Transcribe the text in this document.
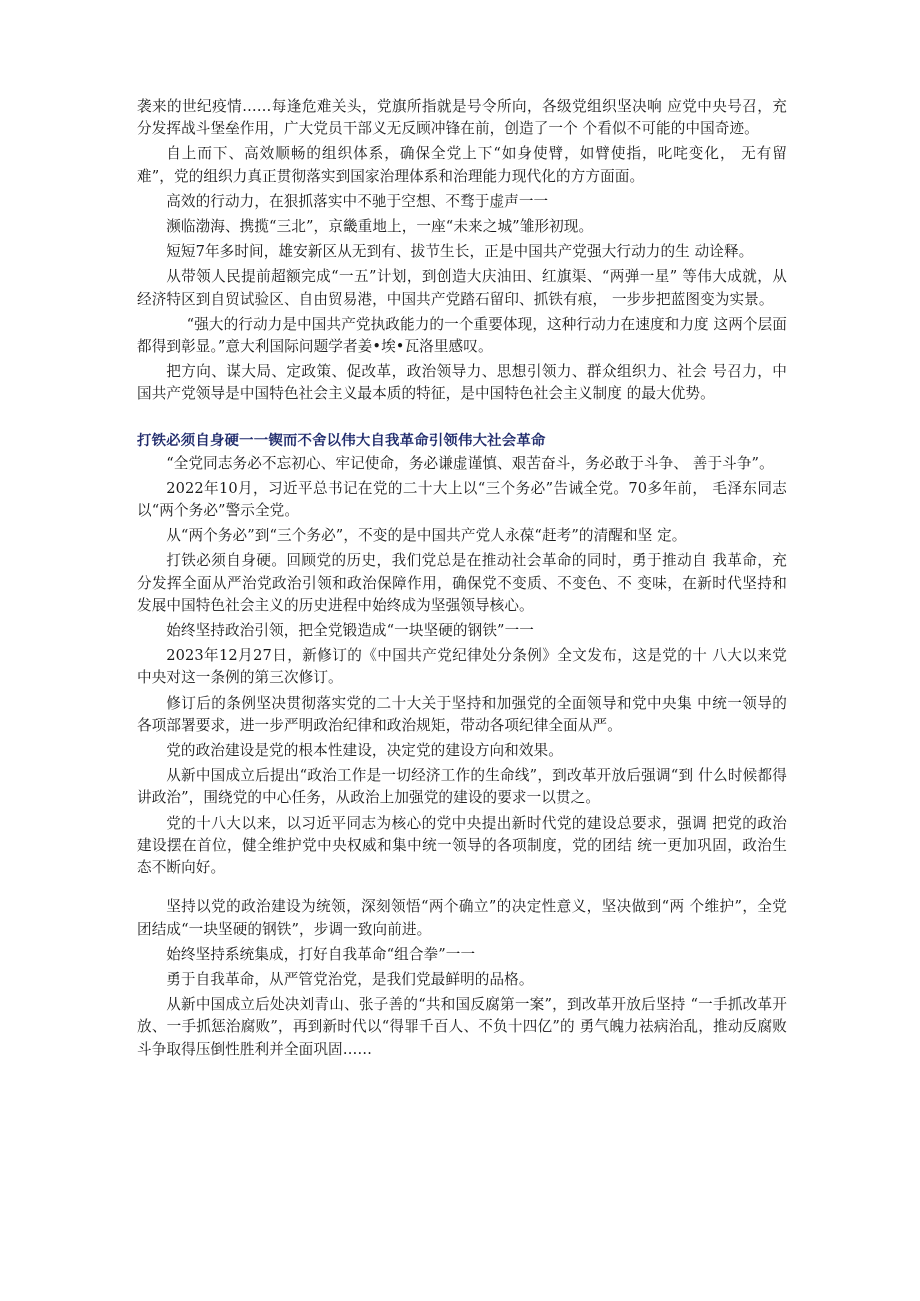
袭来的世纪疫情……每逢危难关头，党旗所指就是号令所向，各级党组织坚决响 应党中央号召，充分发挥战斗堡垒作用，广大党员干部义无反顾冲锋在前，创造了一个 个看似不可能的中国奇迹。

自上而下、高效顺畅的组织体系，确保全党上下“如身使臂，如臂使指，叱咤变化， 无有留难”，党的组织力真正贯彻落实到国家治理体系和治理能力现代化的方方面面。

高效的行动力，在狠抓落实中不驰于空想、不骛于虚声一一

濒临渤海、携揽“三北”，京畿重地上，一座“未来之城”雏形初现。

短短7年多时间，雄安新区从无到有、拔节生长，正是中国共产党强大行动力的生 动诠释。

从带领人民提前超额完成“一五”计划，到创造大庆油田、红旗渠、“两弹一星” 等伟大成就，从经济特区到自贸试验区、自由贸易港，中国共产党踏石留印、抓铁有痕， 一步步把蓝图变为实景。

“强大的行动力是中国共产党执政能力的一个重要体现，这种行动力在速度和力度 这两个层面都得到彰显。”意大利国际问题学者姜•埃•瓦洛里感叹。

把方向、谋大局、定政策、促改革，政治领导力、思想引领力、群众组织力、社会 号召力，中国共产党领导是中国特色社会主义最本质的特征，是中国特色社会主义制度 的最大优势。

打铁必须自身硬一一锲而不舍以伟大自我革命引领伟大社会革命

“全党同志务必不忘初心、牢记使命，务必谦虚谨慎、艰苦奋斗，务必敢于斗争、 善于斗争”。

2022年10月，习近平总书记在党的二十大上以“三个务必”告诫全党。70多年前， 毛泽东同志以“两个务必”警示全党。

从“两个务必”到“三个务必”，不变的是中国共产党人永葆“赶考”的清醒和坚 定。

打铁必须自身硬。回顾党的历史，我们党总是在推动社会革命的同时，勇于推动自 我革命，充分发挥全面从严治党政治引领和政治保障作用，确保党不变质、不变色、不 变味，在新时代坚持和发展中国特色社会主义的历史进程中始终成为坚强领导核心。

始终坚持政治引领，把全党锻造成“一块坚硬的钢铁”一一

2023年12月27日，新修订的《中国共产党纪律处分条例》全文发布，这是党的十 八大以来党中央对这一条例的第三次修订。

修订后的条例坚决贯彻落实党的二十大关于坚持和加强党的全面领导和党中央集 中统一领导的各项部署要求，进一步严明政治纪律和政治规矩，带动各项纪律全面从严。

党的政治建设是党的根本性建设，决定党的建设方向和效果。

从新中国成立后提出“政治工作是一切经济工作的生命线”，到改革开放后强调“到 什么时候都得讲政治”，围绕党的中心任务，从政治上加强党的建设的要求一以贯之。

党的十八大以来，以习近平同志为核心的党中央提出新时代党的建设总要求，强调 把党的政治建设摆在首位，健全维护党中央权威和集中统一领导的各项制度，党的团结 统一更加巩固，政治生态不断向好。

坚持以党的政治建设为统领，深刻领悟“两个确立”的决定性意义，坚决做到“两 个维护”，全党团结成“一块坚硬的钢铁”，步调一致向前进。

始终坚持系统集成，打好自我革命“组合拳”一一

勇于自我革命，从严管党治党，是我们党最鲜明的品格。

从新中国成立后处决刘青山、张子善的“共和国反腐第一案”，到改革开放后坚持 “一手抓改革开放、一手抓惩治腐败”，再到新时代以“得罪千百人、不负十四亿”的 勇气魄力祛病治乱，推动反腐败斗争取得压倒性胜利并全面巩固……
